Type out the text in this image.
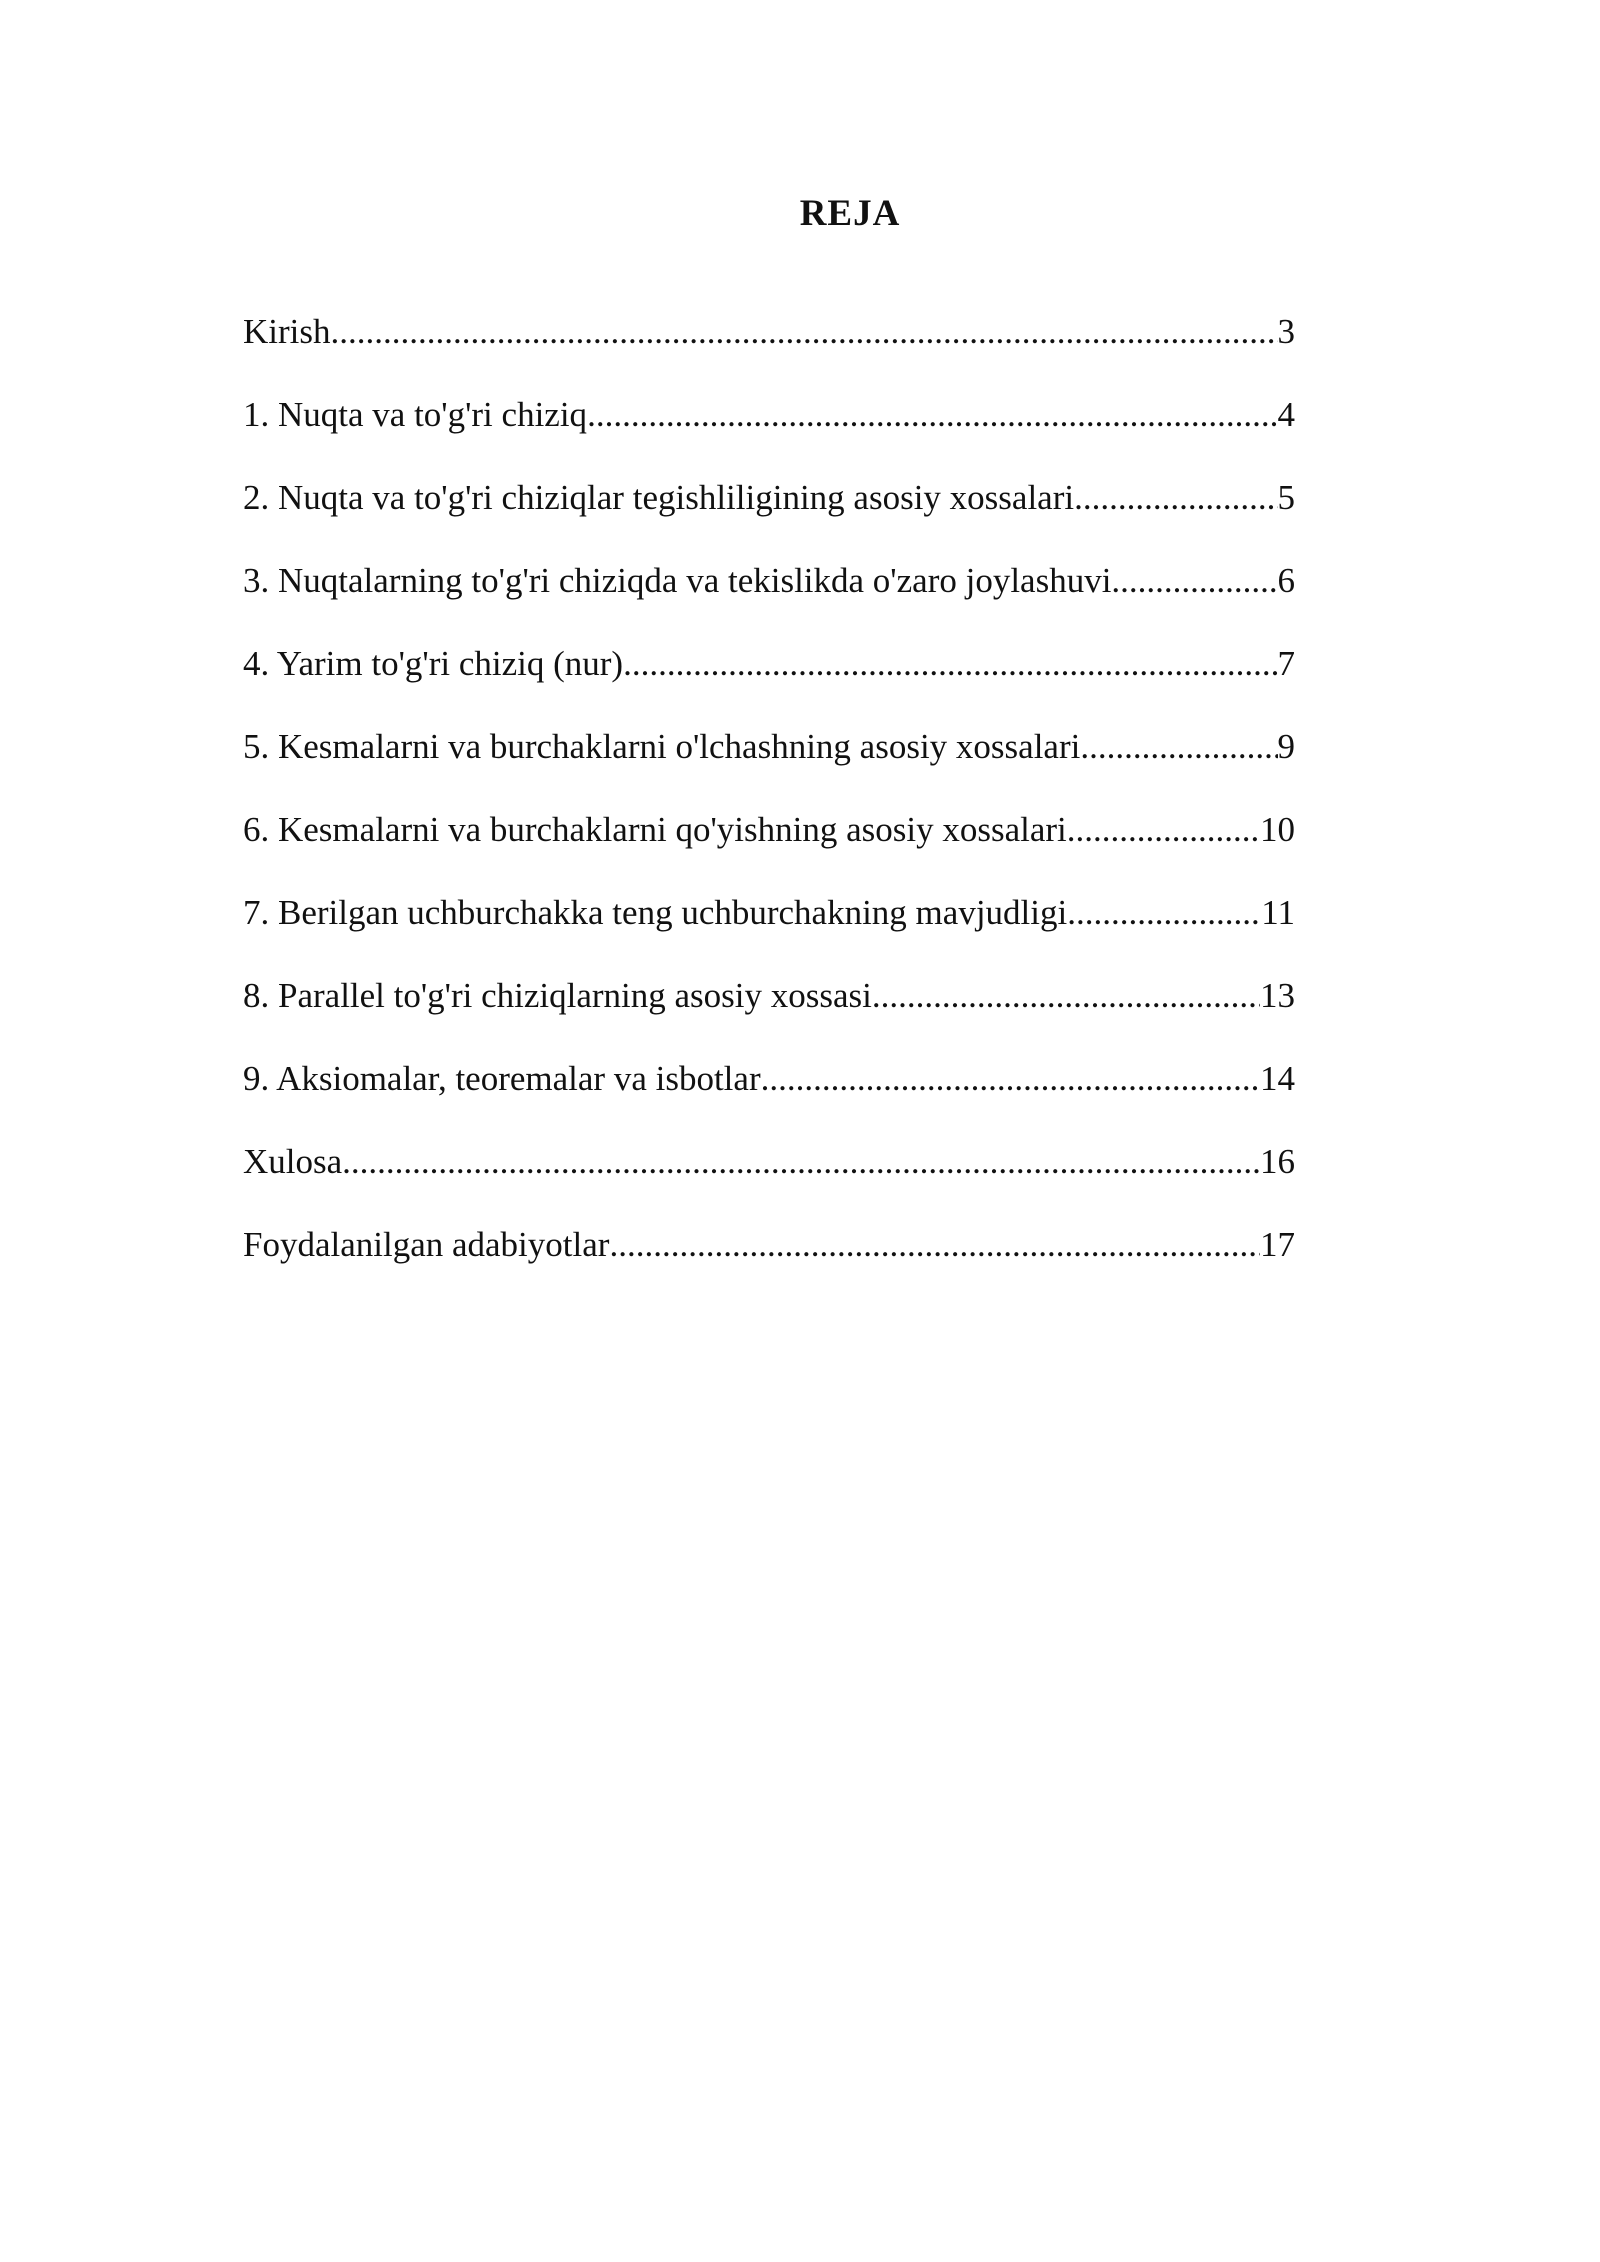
REJA
Kirish .....	3
1. Nuqta va to'g'ri chiziq .....	4
2. Nuqta va to'g'ri chiziqlar tegishliligining asosiy xossalari .....	5
3. Nuqtalarning to'g'ri chiziqda va tekislikda o'zaro joylashuvi .....	6
4. Yarim to'g'ri chiziq (nur) .....	7
5. Kesmalarni va burchaklarni o'lchashning asosiy xossalari .....	9
6. Kesmalarni va burchaklarni qo'yishning asosiy xossalari .....	10
7. Berilgan uchburchakka teng uchburchakning mavjudligi .....	11
8. Parallel to'g'ri chiziqlarning asosiy xossasi .....	13
9. Aksiomalar, teoremalar va isbotlar .....	14
Xulosa .....	16
Foydalanilgan adabiyotlar .....	17
